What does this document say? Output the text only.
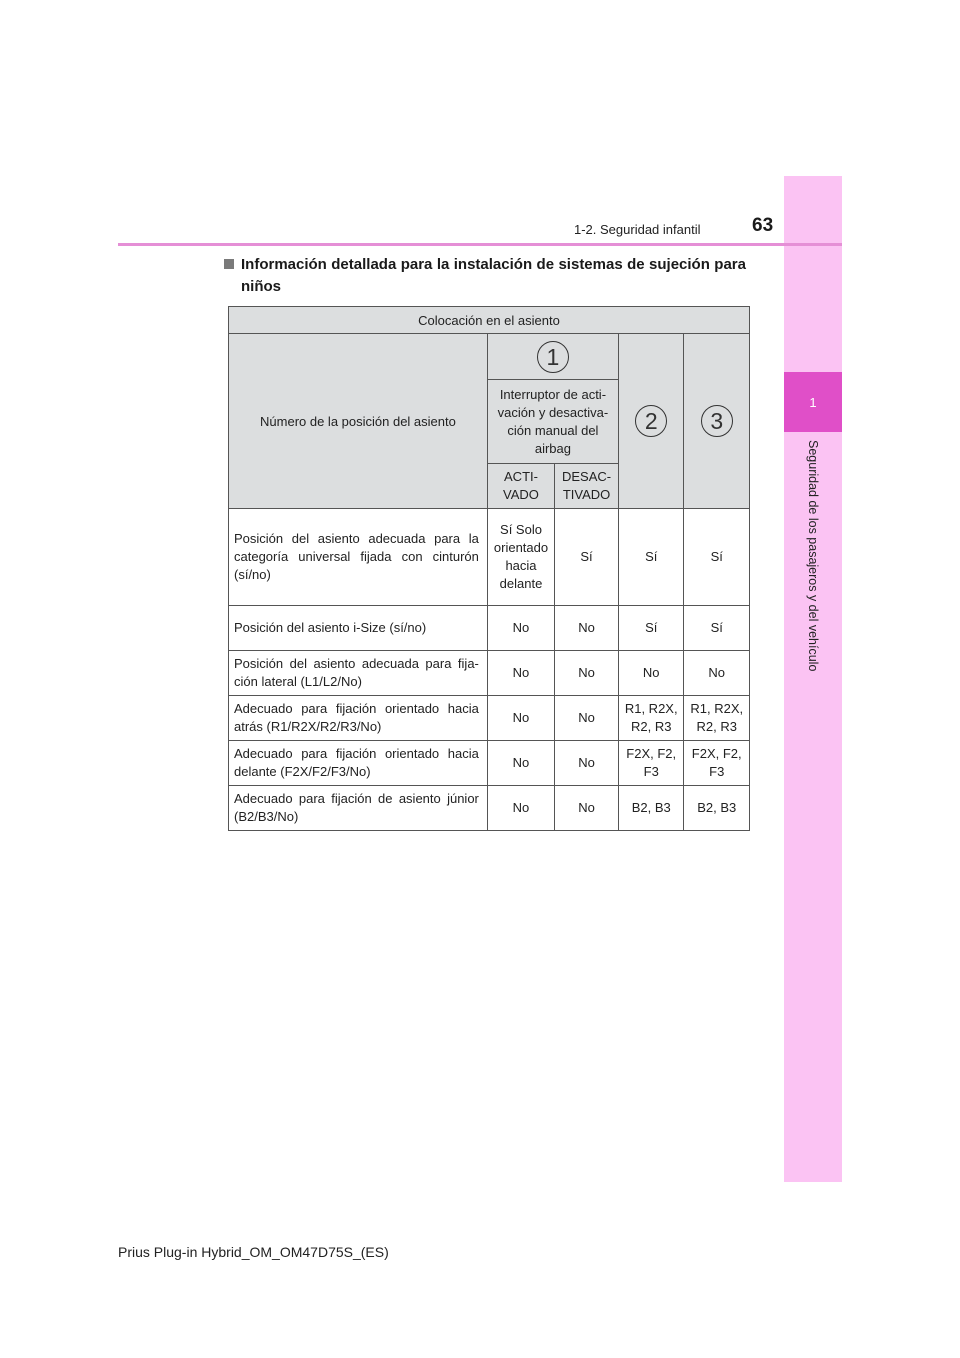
1
Seguridad de los pasajeros y del vehículo
1-2. Seguridad infantil	63
Información detallada para la instalación de sistemas de sujeción para niños
Colocación en el asiento				
Número de la posición del asiento	1		2	3
	Interruptor de acti-vación y desactiva-ción manual del airbag			
	ACTI-VADO	DESAC-TIVADO		
Posición del asiento adecuada para la categoría universal fijada con cinturón (sí/no)	Sí Solo orientado hacia delante	Sí	Sí	Sí
Posición del asiento i-Size (sí/no)	No	No	Sí	Sí
Posición del asiento adecuada para fija-ción lateral (L1/L2/No)	No	No	No	No
Adecuado para fijación orientado hacia atrás (R1/R2X/R2/R3/No)	No	No	R1, R2X, R2, R3	R1, R2X, R2, R3
Adecuado para fijación orientado hacia delante (F2X/F2/F3/No)	No	No	F2X, F2, F3	F2X, F2, F3
Adecuado para fijación de asiento júnior (B2/B3/No)	No	No	B2, B3	B2, B3
Prius Plug-in Hybrid_OM_OM47D75S_(ES)
